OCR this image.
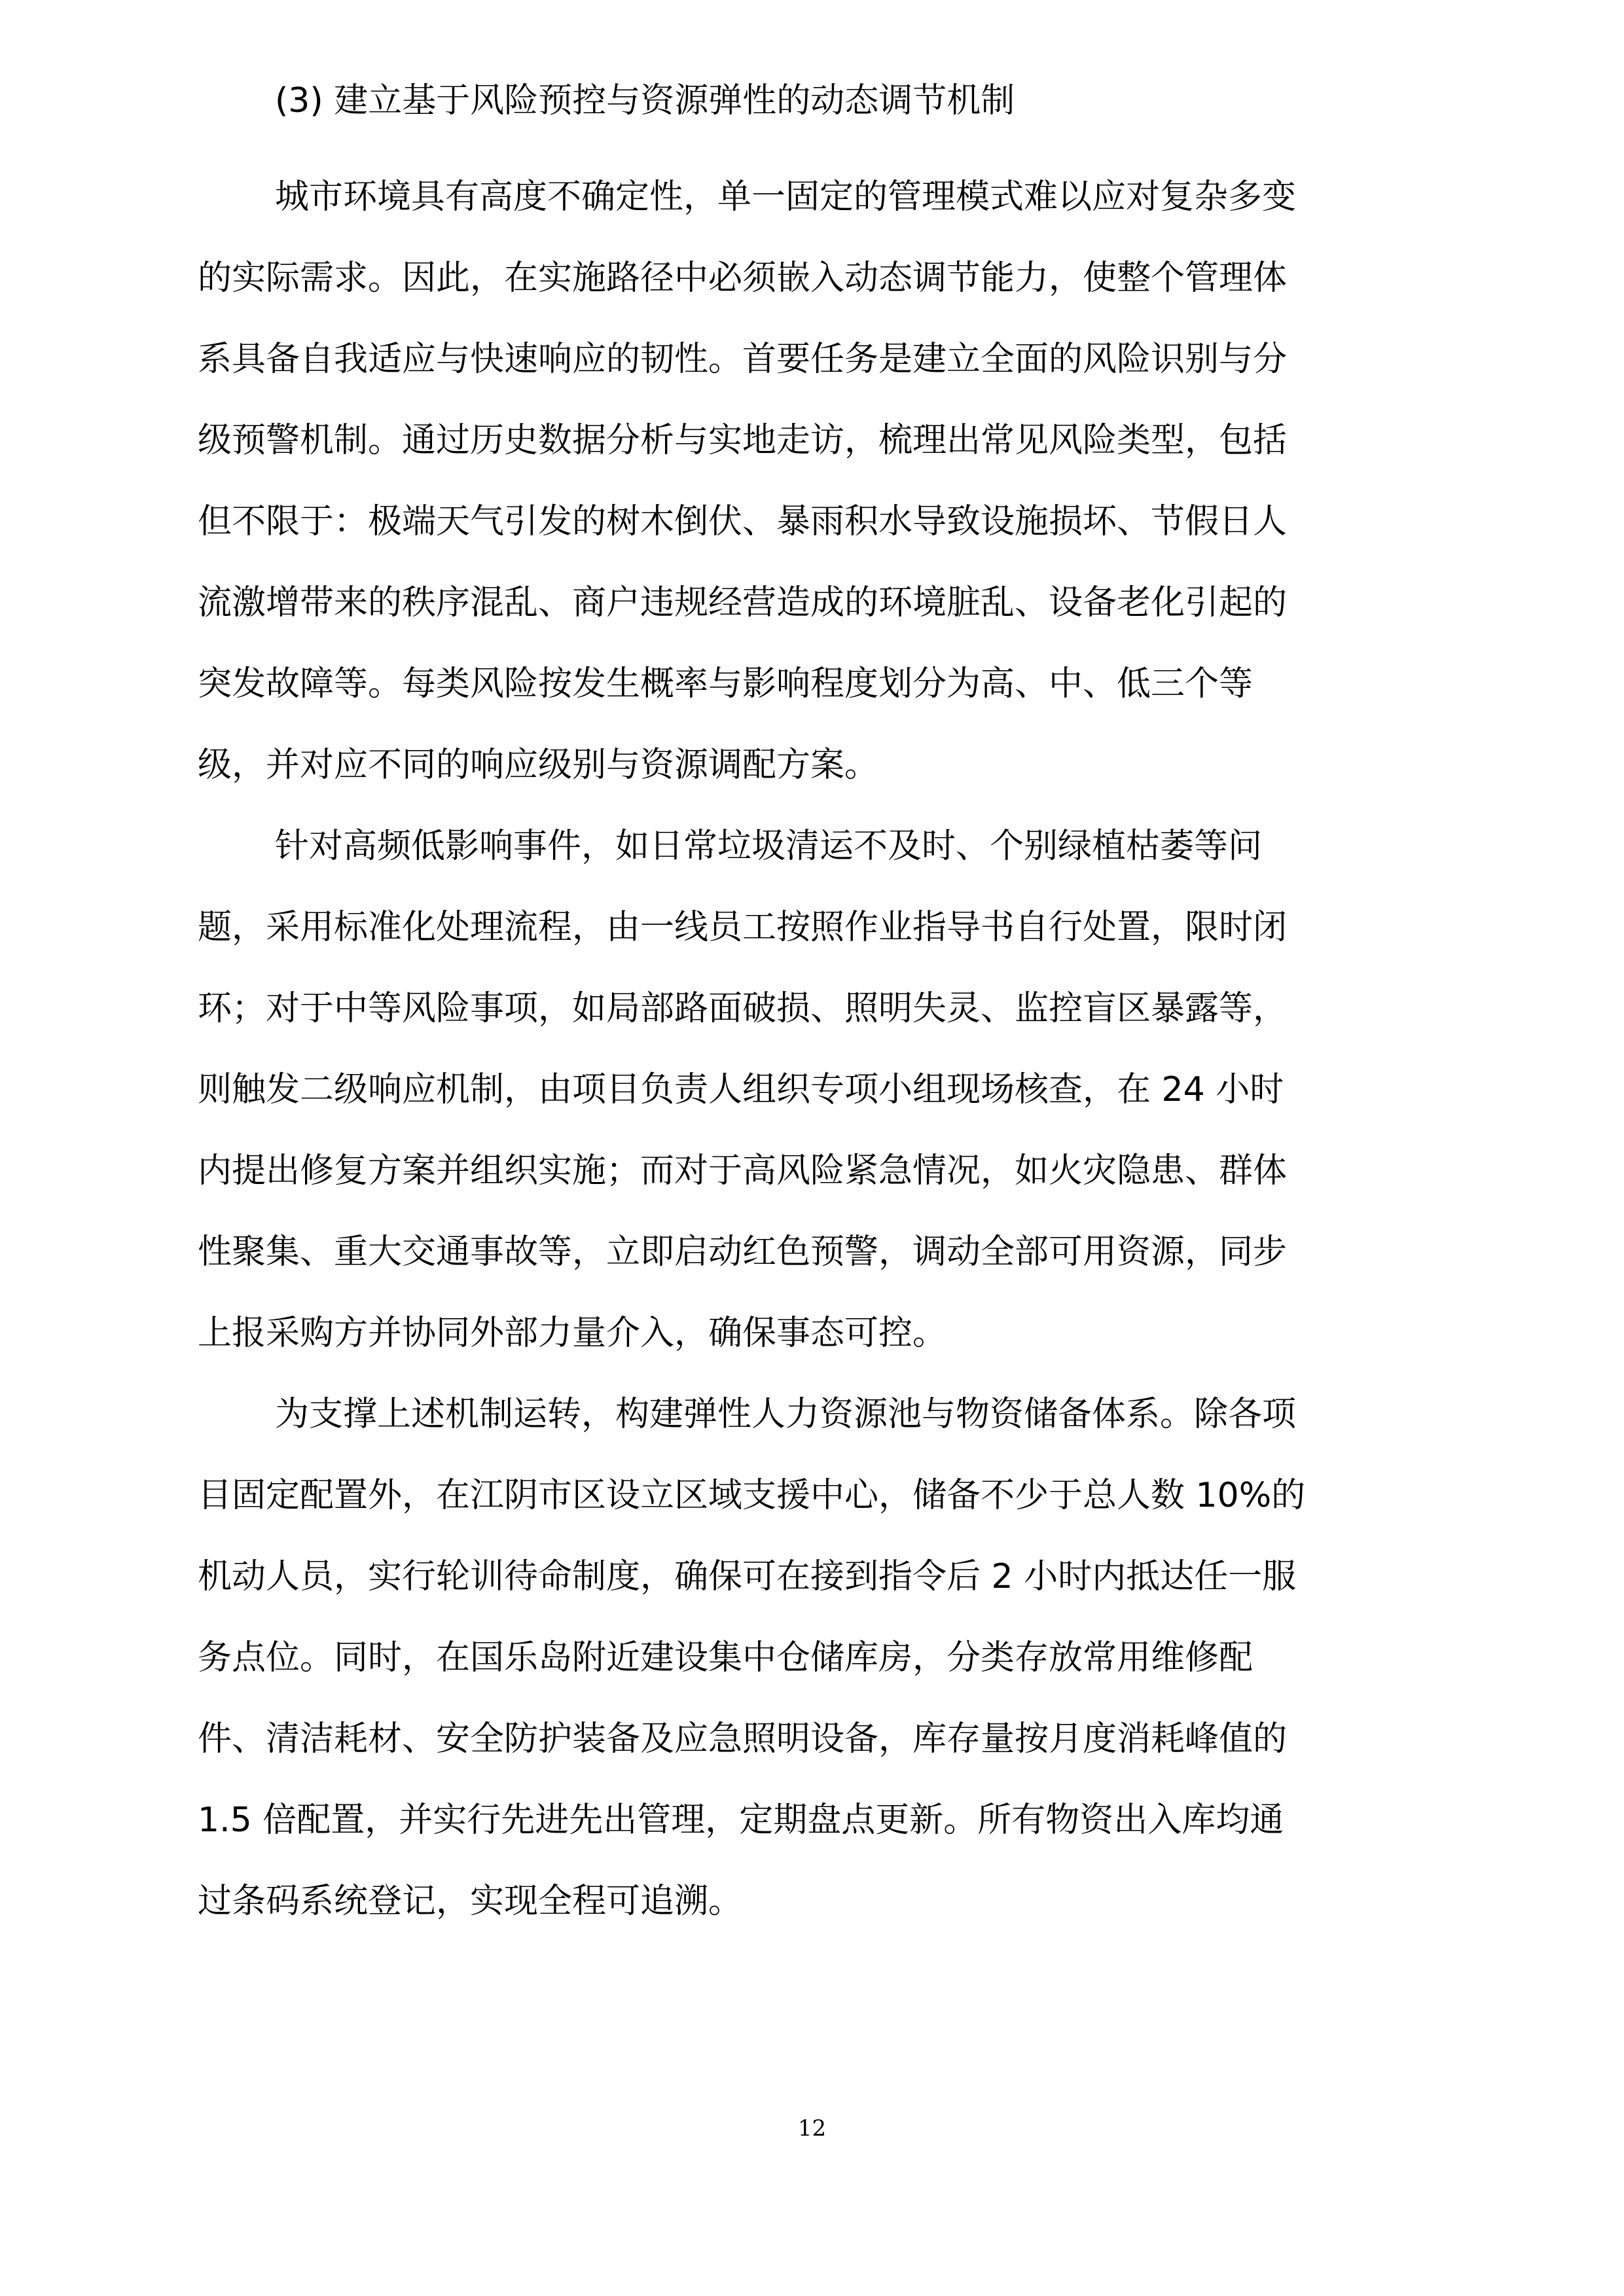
(3) 建立基于风险预控与资源弹性的动态调节机制
城市环境具有高度不确定性，单一固定的管理模式难以应对复杂多变
的实际需求。因此，在实施路径中必须嵌入动态调节能力，使整个管理体
系具备自我适应与快速响应的韧性。首要任务是建立全面的风险识别与分
级预警机制。通过历史数据分析与实地走访，梳理出常见风险类型，包括
但不限于：极端天气引发的树木倒伏、暴雨积水导致设施损坏、节假日人
流激增带来的秩序混乱、商户违规经营造成的环境脏乱、设备老化引起的
突发故障等。每类风险按发生概率与影响程度划分为高、中、低三个等
级，并对应不同的响应级别与资源调配方案。
针对高频低影响事件，如日常垃圾清运不及时、个别绿植枯萎等问
题，采用标准化处理流程，由一线员工按照作业指导书自行处置，限时闭
环；对于中等风险事项，如局部路面破损、照明失灵、监控盲区暴露等，
则触发二级响应机制，由项目负责人组织专项小组现场核查，在 24 小时
内提出修复方案并组织实施；而对于高风险紧急情况，如火灾隐患、群体
性聚集、重大交通事故等，立即启动红色预警，调动全部可用资源，同步
上报采购方并协同外部力量介入，确保事态可控。
为支撑上述机制运转，构建弹性人力资源池与物资储备体系。除各项
目固定配置外，在江阴市区设立区域支援中心，储备不少于总人数 10%的
机动人员，实行轮训待命制度，确保可在接到指令后 2 小时内抵达任一服
务点位。同时，在国乐岛附近建设集中仓储库房，分类存放常用维修配
件、清洁耗材、安全防护装备及应急照明设备，库存量按月度消耗峰值的
1.5 倍配置，并实行先进先出管理，定期盘点更新。所有物资出入库均通
过条码系统登记，实现全程可追溯。
12
